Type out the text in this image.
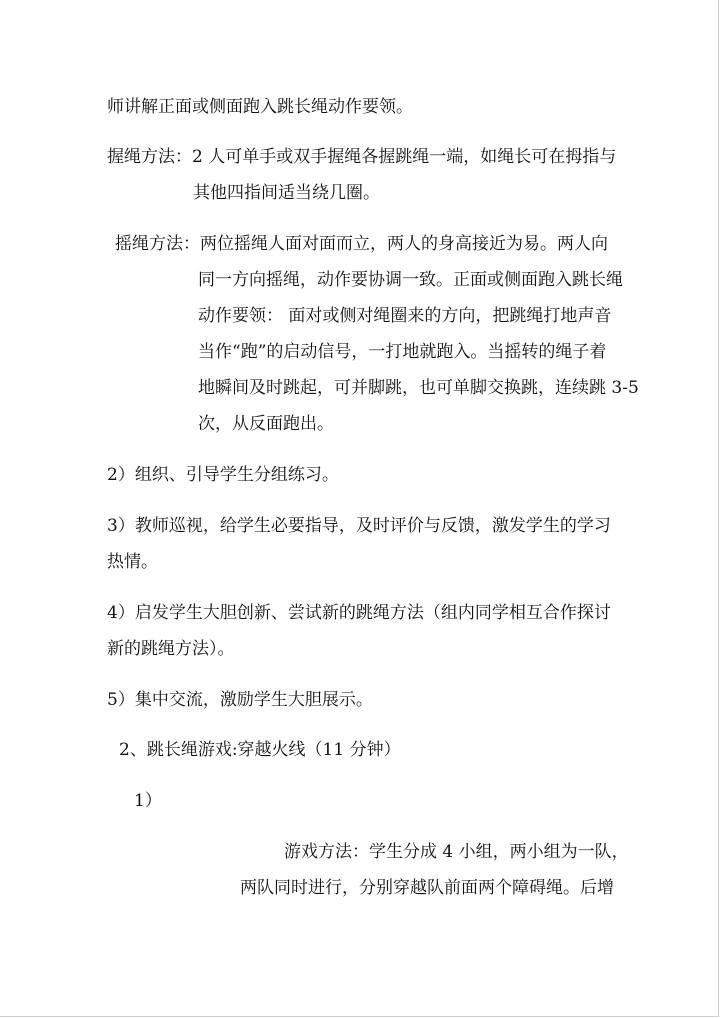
师讲解正面或侧面跑入跳长绳动作要领。
握绳方法：2 人可单手或双手握绳各握跳绳一端，如绳长可在拇指与
其他四指间适当绕几圈。
摇绳方法：两位摇绳人面对面而立，两人的身高接近为易。两人向
同一方向摇绳，动作要协调一致。正面或侧面跑入跳长绳
动作要领： 面对或侧对绳圈来的方向，把跳绳打地声音
当作“跑”的启动信号，一打地就跑入。当摇转的绳子着
地瞬间及时跳起，可并脚跳，也可单脚交换跳，连续跳 3-5
次，从反面跑出。
2）组织、引导学生分组练习。
3）教师巡视，给学生必要指导，及时评价与反馈，激发学生的学习
热情。
4）启发学生大胆创新、尝试新的跳绳方法（组内同学相互合作探讨
新的跳绳方法）。
5）集中交流，激励学生大胆展示。
2、跳长绳游戏:穿越火线（11 分钟）
1）
游戏方法：学生分成 4 小组，两小组为一队，
两队同时进行，分别穿越队前面两个障碍绳。后增
